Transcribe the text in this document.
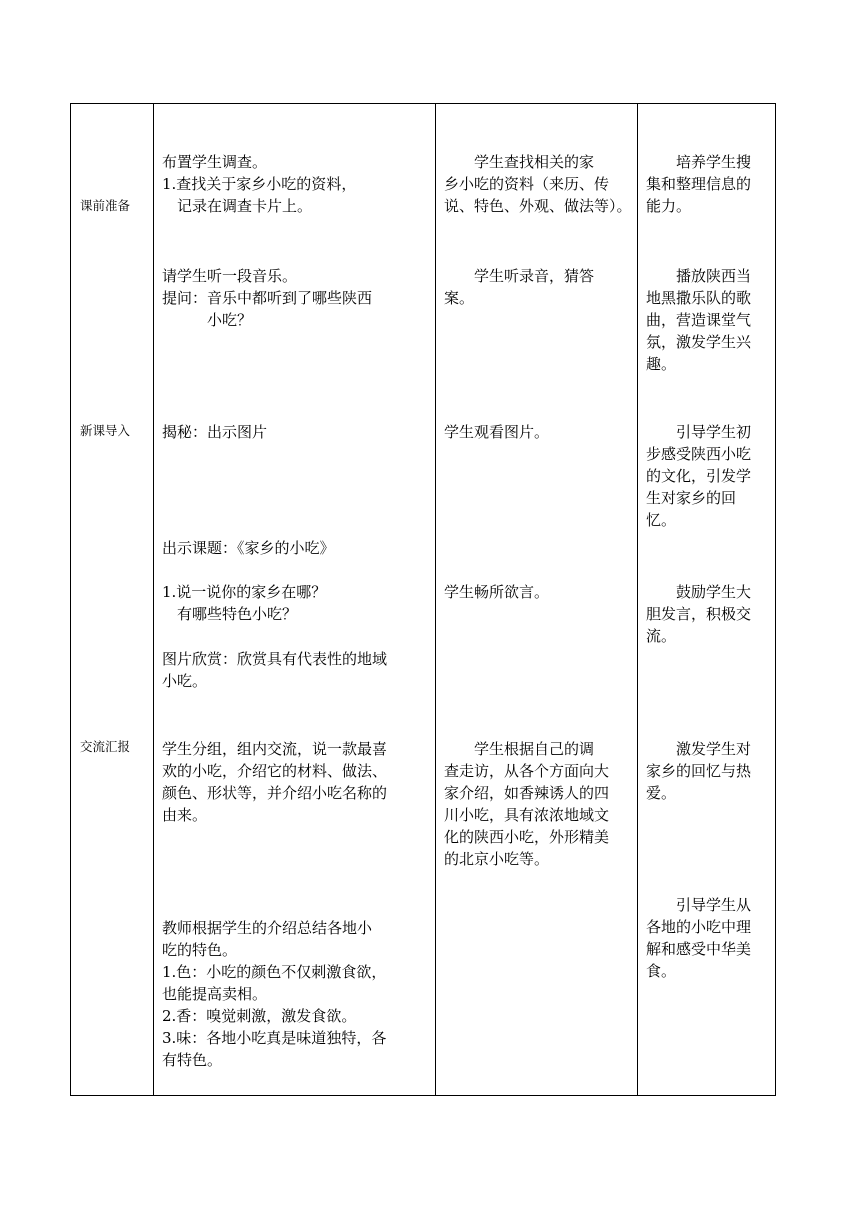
课前准备
新课导入
交流汇报

布置学生调查。

1.查找关于家乡小吃的资料，

　记录在调查卡片上。

请学生听一段音乐。

提问：音乐中都听到了哪些陕西

　　　小吃？

揭秘：出示图片

出示课题：《家乡的小吃》

1.说一说你的家乡在哪？

　有哪些特色小吃？

图片欣赏：欣赏具有代表性的地域

小吃。

学生分组，组内交流，说一款最喜

欢的小吃，介绍它的材料、做法、

颜色、形状等，并介绍小吃名称的

由来。

教师根据学生的介绍总结各地小

吃的特色。

1.色：小吃的颜色不仅刺激食欲，

也能提高卖相。

2.香：嗅觉刺激，激发食欲。

3.味：各地小吃真是味道独特，各

有特色。

　　学生查找相关的家

乡小吃的资料（来历、传

说、特色、外观、做法等）。

　　学生听录音，猜答

案。

学生观看图片。

学生畅所欲言。

　　学生根据自己的调

查走访，从各个方面向大

家介绍，如香辣诱人的四

川小吃，具有浓浓地域文

化的陕西小吃，外形精美

的北京小吃等。

　　培养学生搜

集和整理信息的

能力。

　　播放陕西当

地黑撒乐队的歌

曲，营造课堂气

氛，激发学生兴

趣。

　　引导学生初

步感受陕西小吃

的文化，引发学

生对家乡的回

忆。

　　鼓励学生大

胆发言，积极交

流。

　　激发学生对

家乡的回忆与热

爱。

　　引导学生从

各地的小吃中理

解和感受中华美

食。
